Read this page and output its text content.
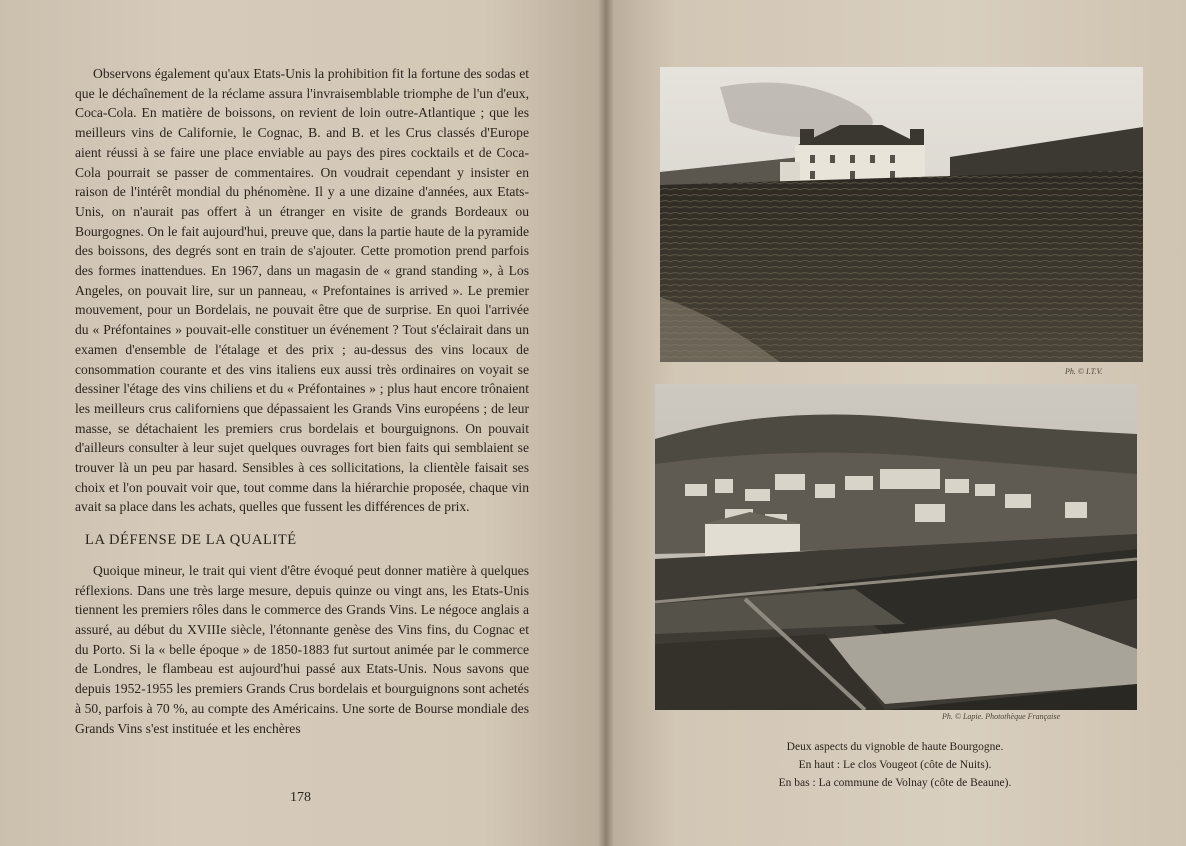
Observons également qu'aux Etats-Unis la prohibition fit la fortune des sodas et que le déchaînement de la réclame assura l'invraisemblable triomphe de l'un d'eux, Coca-Cola. En matière de boissons, on revient de loin outre-Atlantique ; que les meilleurs vins de Californie, le Cognac, B. and B. et les Crus classés d'Europe aient réussi à se faire une place enviable au pays des pires cocktails et de Coca-Cola pourrait se passer de commentaires. On voudrait cependant y insister en raison de l'intérêt mondial du phénomène. Il y a une dizaine d'années, aux Etats-Unis, on n'aurait pas offert à un étranger en visite de grands Bordeaux ou Bourgognes. On le fait aujourd'hui, preuve que, dans la partie haute de la pyramide des boissons, des degrés sont en train de s'ajouter. Cette promotion prend parfois des formes inattendues. En 1967, dans un magasin de « grand standing », à Los Angeles, on pouvait lire, sur un panneau, « Prefontaines is arrived ». Le premier mouvement, pour un Bordelais, ne pouvait être que de surprise. En quoi l'arrivée du « Préfontaines » pouvait-elle constituer un événement ? Tout s'éclairait dans un examen d'ensemble de l'étalage et des prix ; au-dessus des vins locaux de consommation courante et des vins italiens eux aussi très ordinaires on voyait se dessiner l'étage des vins chiliens et du « Préfontaines » ; plus haut encore trônaient les meilleurs crus californiens que dépassaient les Grands Vins européens ; de leur masse, se détachaient les premiers crus bordelais et bourguignons. On pouvait d'ailleurs consulter à leur sujet quelques ouvrages fort bien faits qui semblaient se trouver là un peu par hasard. Sensibles à ces sollicitations, la clientèle faisait ses choix et l'on pouvait voir que, tout comme dans la hiérarchie proposée, chaque vin avait sa place dans les achats, quelles que fussent les différences de prix.

LA DÉFENSE DE LA QUALITÉ

Quoique mineur, le trait qui vient d'être évoqué peut donner matière à quelques réflexions. Dans une très large mesure, depuis quinze ou vingt ans, les Etats-Unis tiennent les premiers rôles dans le commerce des Grands Vins. Le négoce anglais a assuré, au début du XVIIIe siècle, l'étonnante genèse des Vins fins, du Cognac et du Porto. Si la « belle époque » de 1850-1883 fut surtout animée par le commerce de Londres, le flambeau est aujourd'hui passé aux Etats-Unis. Nous savons que depuis 1952-1955 les premiers Grands Crus bordelais et bourguignons sont achetés à 50, parfois à 70 %, au compte des Américains. Une sorte de Bourse mondiale des Grands Vins s'est instituée et les enchères

178
Ph. © I.T.V.
Ph. © Lapie. Photothèque Française
Deux aspects du vignoble de haute Bourgogne.
En haut : Le clos Vougeot (côte de Nuits).
En bas : La commune de Volnay (côte de Beaune).
